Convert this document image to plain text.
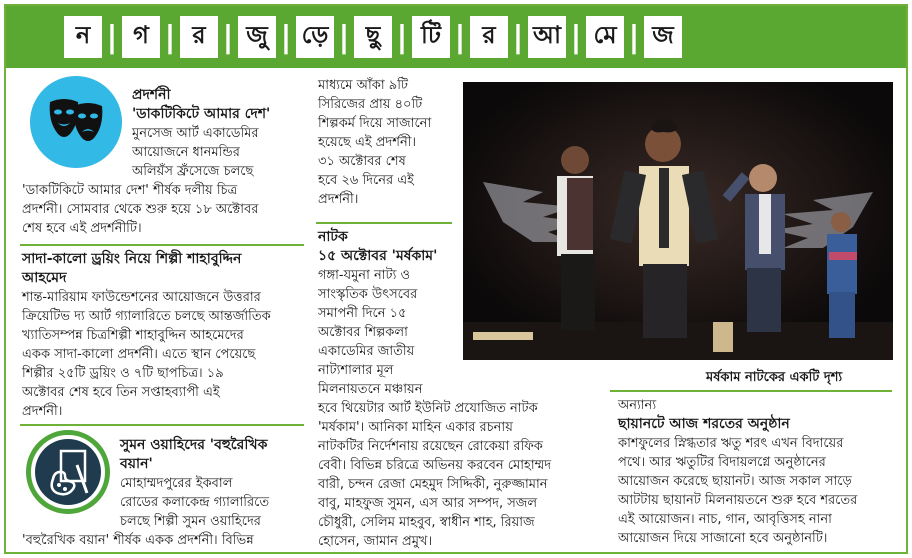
ন | গ | র | জু | ড়ে | ছু | টি | র | আ | মে | জ
প্রদর্শনী
'ডাকটিকিটে আমার দেশ'
মুনসেজ আর্ট একাডেমির
আয়োজনে ধানমন্ডির
অলিয়ঁস ফ্রঁসেজে চলছে
'ডাকটিকিটে আমার দেশ' শীর্ষক দলীয় চিত্র
প্রদর্শনী। সোমবার থেকে শুরু হয়ে ১৮ অক্টোবর
শেষ হবে এই প্রদর্শনীটি।
সাদা-কালো ড্রয়িং নিয়ে শিল্পী শাহাবুদ্দিন
আহমেদ
শান্ত-মারিয়াম ফাউন্ডেশনের আয়োজনে উত্তরার
ক্রিয়েটিভ দ্য আর্ট গ্যালারিতে চলছে আন্তর্জাতিক
খ্যাতিসম্পন্ন চিত্রশিল্পী শাহাবুদ্দিন আহমেদের
একক সাদা-কালো প্রদর্শনী। এতে স্থান পেয়েছে
শিল্পীর ২৫টি ড্রয়িং ও ৭টি ছাপচিত্র। ১৯
অক্টোবর শেষ হবে তিন সপ্তাহব্যাপী এই
প্রদর্শনী।
সুমন ওয়াহিদের 'বহুরৈখিক
বয়ান'
মোহাম্মদপুরের ইকবাল
রোডের কলাকেন্দ্র গ্যালারিতে
চলছে শিল্পী সুমন ওয়াহিদের
'বহুরৈখিক বয়ান' শীর্ষক একক প্রদর্শনী। বিভিন্ন
মাধ্যমে আঁকা ৯টি
সিরিজের প্রায় ৪০টি
শিল্পকর্ম দিয়ে সাজানো
হয়েছে এই প্রদর্শনী।
৩১ অক্টোবর শেষ
হবে ২৬ দিনের এই
প্রদর্শনী।
নাটক
১৫ অক্টোবর 'মর্ষকাম'
গঙ্গা-যমুনা নাট্য ও
সাংস্কৃতিক উৎসবের
সমাপনী দিনে ১৫
অক্টোবর শিল্পকলা
একাডেমির জাতীয়
নাট্যশালার মূল
মিলনায়তনে মঞ্চায়ন
হবে থিয়েটার আর্ট ইউনিট প্রযোজিত নাটক
'মর্ষকাম'। আনিকা মাহিন একার রচনায়
নাটকটির নির্দেশনায় রয়েছেন রোকেয়া রফিক
বেবী। বিভিন্ন চরিত্রে অভিনয় করবেন মোহাম্মদ
বারী, চন্দন রেজা মেহমুদ সিদ্দিকী, নুরুজ্জামান
বাবু, মাহফুজ সুমন, এস আর সম্পদ, সজল
চৌধুরী, সেলিম মাহবুব, স্বাধীন শাহ, রিয়াজ
হোসেন, জামান প্রমুখ।
মর্ষকাম নাটকের একটি দৃশ্য
অন্যান্য
ছায়ানটে আজ শরতের অনুষ্ঠান
কাশফুলের স্নিগ্ধতার ঋতু শরৎ এখন বিদায়ের
পথে। আর ঋতুটির বিদায়লগ্নে অনুষ্ঠানের
আয়োজন করেছে ছায়ানট। আজ সকাল সাড়ে
আটটায় ছায়ানট মিলনায়তনে শুরু হবে শরতের
এই আয়োজন। নাচ, গান, আবৃত্তিসহ নানা
আয়োজন দিয়ে সাজানো হবে অনুষ্ঠানটি।
